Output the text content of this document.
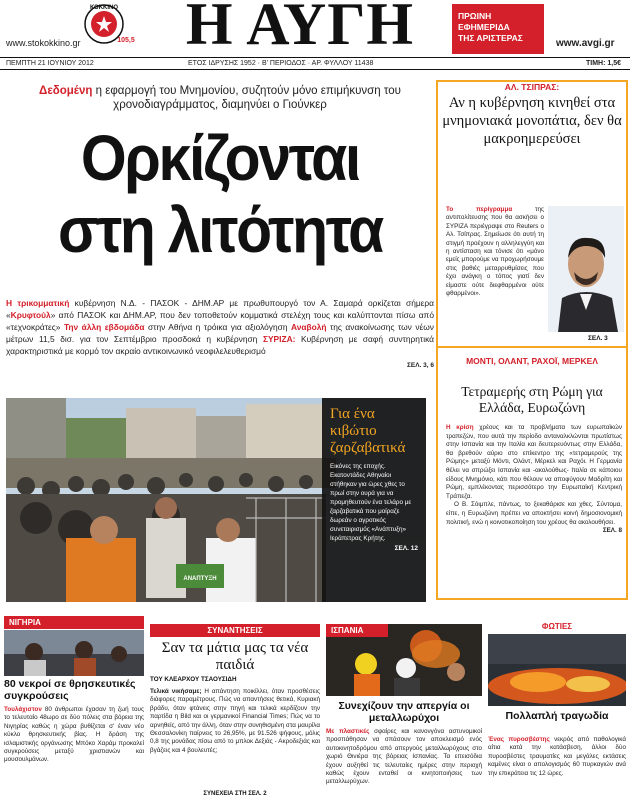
ΚΟΚΚΙΝΟ
105,5 Η ΑΥΓΗ	ΠΡΩΙΝΗ
ΕΦΗΜΕΡΙΔΑ
ΤΗΣ ΑΡΙΣΤΕΡΑΣ
www.stokokkino.gr	www.avgi.gr
ΠΕΜΠΤΗ 21 ΙΟΥΝΙΟΥ 2012	ΕΤΟΣ ΙΔΡΥΣΗΣ 1952 · Β' ΠΕΡΙΟΔΟΣ · ΑΡ. ΦΥΛΛΟΥ 11438	ΤΙΜΗ: 1,5€
Δεδομένη η εφαρμογή του Μνημονίου, συζητούν μόνο επιμήκυνση του χρονοδιαγράμματος, διαμηνύει ο Γιούνκερ
Ορκίζονται
στη λιτότητα
Η τρικομματική κυβέρνηση Ν.Δ. - ΠΑΣΟΚ - ΔΗΜ.ΑΡ με πρωθυπουργό τον Α. Σαμαρά ορκίζεται σήμερα «Κρυφτούλ» από ΠΑΣΟΚ και ΔΗΜ.ΑΡ, που δεν τοποθετούν κομματικά στελέχη τους και καλύπτονται πίσω από «τεχνοκράτες» Την άλλη εβδομάδα στην Αθήνα η τρόικα για αξιολόγηση Αναβολή της ανακοίνωσης των νέων μέτρων 11,5 δισ. για τον Σεπτέμβριο προσδοκά η κυβέρνηση ΣΥΡΙΖΑ: Κυβέρνηση με σαφή συντηρητικά χαρακτηριστικά με κορμό τον ακραίο αντικοινωνικό νεοφιλελευθερισμό
ΣΕΛ. 3, 6
ΑΝΑΠΤΥΞΗ
Για ένα κιβώτιο ζαρζαβατικά
Εικόνες της εποχής. Εκατοντάδες Αθηναίοι στήθηκαν για ώρες χθες το πρωί στην ουρά για να προμηθευτούν ένα τελάρο με ζαρζαβατικά που μοίραζε δωρεάν ο αγροτικός συνεταιρισμός «Ανάπτυξη» Ιεράπετρας Κρήτης.
ΣΕΛ. 12
ΑΛ. ΤΣΙΠΡΑΣ:
Αν η κυβέρνηση κινηθεί στα μνημονιακά μονοπάτια, δεν θα μακροημερεύσει
Το περίγραμμα της αντιπολίτευσης που θα ασκήσει ο ΣΥΡΙΖΑ περιέγραψε στο Reuters ο Αλ. Τσίπρας. Σημείωσε ότι αυτή τη στιγμή προέχουν η αλληλεγγύη και η αντίσταση και τόνισε ότι «μόνο εμείς μπορούμε να προχωρήσουμε στις βαθιές μεταρρυθμίσεις που έχει ανάγκη ο τόπος γιατί δεν είμαστε ούτε διεφθαρμένοι ούτε φθαρμένοι».
ΣΕΛ. 3
ΜΟΝΤΙ, ΟΛΑΝΤ, ΡΑΧΟΪ, ΜΕΡΚΕΛ
Τετραμερής στη Ρώμη για Ελλάδα, Ευρωζώνη
Η κρίση χρέους και τα προβλήματα των ευρωπαϊκών τραπεζών, που αυτά την περίοδο ανταναλκλώνται πρωτίστως στην Ισπανία και την Ιταλία και δευτερευόντως στην Ελλάδα, θα βρεθούν αύριο στο επίκεντρο της «τετραμερούς της Ρώμης» μεταξύ Μόντι, Ολάντ, Μέρκελ και Ραχόι. Η Γερμανία θέλει να σπρώξει Ισπανία και -ακολούθως- Ιταλία σε κάποιου είδους Μνημόνιο, κάτι που θέλουν να αποφύγουν Μαδρίτη και Ρώμη, εμπλέκοντας περισσότερο την Ευρωπαϊκή Κεντρική Τράπεζα.
Ο Β. Σόιμπλε, πάντως, το ξεκαθάρισε και χθες. Σύντομα, είπε, η Ευρωζώνη πρέπει να αποκτήσει κοινή δημοσιονομική πολιτική, ενώ η κοινοτικοποίηση του χρέους θα ακολουθήσει.
ΣΕΛ. 8
ΝΙΓΗΡΙΑ
80 νεκροί σε θρησκευτικές συγκρούσεις
Τουλάχιστον 80 άνθρωποι έχασαν τη ζωή τους το τελευταίο 48ωρο σε δύο πόλεις στα βόρεια της Νιγηρίας καθώς η χώρα βυθίζεται σ' έναν νέο κύκλο θρησκευτικής βίας. Η δράση της ισλαμιστικής οργάνωσης Μπόκο Χαράμ προκαλεί συγκρούσεις μεταξύ χριστιανών και μουσουλμάνων.
ΣΥΝΑΝΤΗΣΕΙΣ
Σαν τα μάτια μας τα νέα παιδιά
ΤΟΥ ΚΛΕΑΡΧΟΥ ΤΣΑΟΥΣΙΔΗ
Τελικά νικήσαμε; Η απάντηση ποικίλλει, όταν προσθέσεις διάφορες παραμέτρους. Πώς να απαντήσεις θετικά, Κυριακή βράδυ, όταν φτάνεις στην πηγή και τελικά κερδίζουν την παρτίδα η Bild και οι γερμανικοί Financial Times; Πώς να το αρνηθείς, από την άλλη, όταν στην συνηθισμένη στα μαυρίλα Θεσσαλονίκη παίρνεις το 26,95%, με 91.526 ψήφους, μόλις 0,8 της μονάδας πίσω από το μπλοκ Δεξιάς - Ακροδεξιάς και βγάζεις και 4 βουλευτές;
ΣΥΝΕΧΕΙΑ ΣΤΗ ΣΕΛ. 2
ΙΣΠΑΝΙΑ
Συνεχίζουν την απεργία οι μεταλλωρύχοι
Με πλαστικές σφαίρες και κανονγόνα αστυνομικοί προσπάθησαν να σπάσουν τον αποκλεισμό ενός αυτοκινητοδρόμου από απεργούς μεταλλωρύχους στο χωριό Θινιέρα της βόρειας Ισπανίας. Τα επεισόδια έχουν αυξηθεί τις τελευταίες ημέρες στην περιοχή καθώς έχουν ενταθεί οι κινητοποιήσεις των μεταλλωρύχων.
ΦΩΤΙΕΣ
Πολλαπλή τραγωδία
Ένας πυροσβέστης νεκρός από παθολογικά αίτια κατά την κατάσβεση, άλλοι δύο πυροσβέστες τραυματίες και μεγάλες εκτάσεις καμένες είναι ο απολογισμός 60 πυρκαγιών ανά την επικράτεια τις 12 ώρες.
